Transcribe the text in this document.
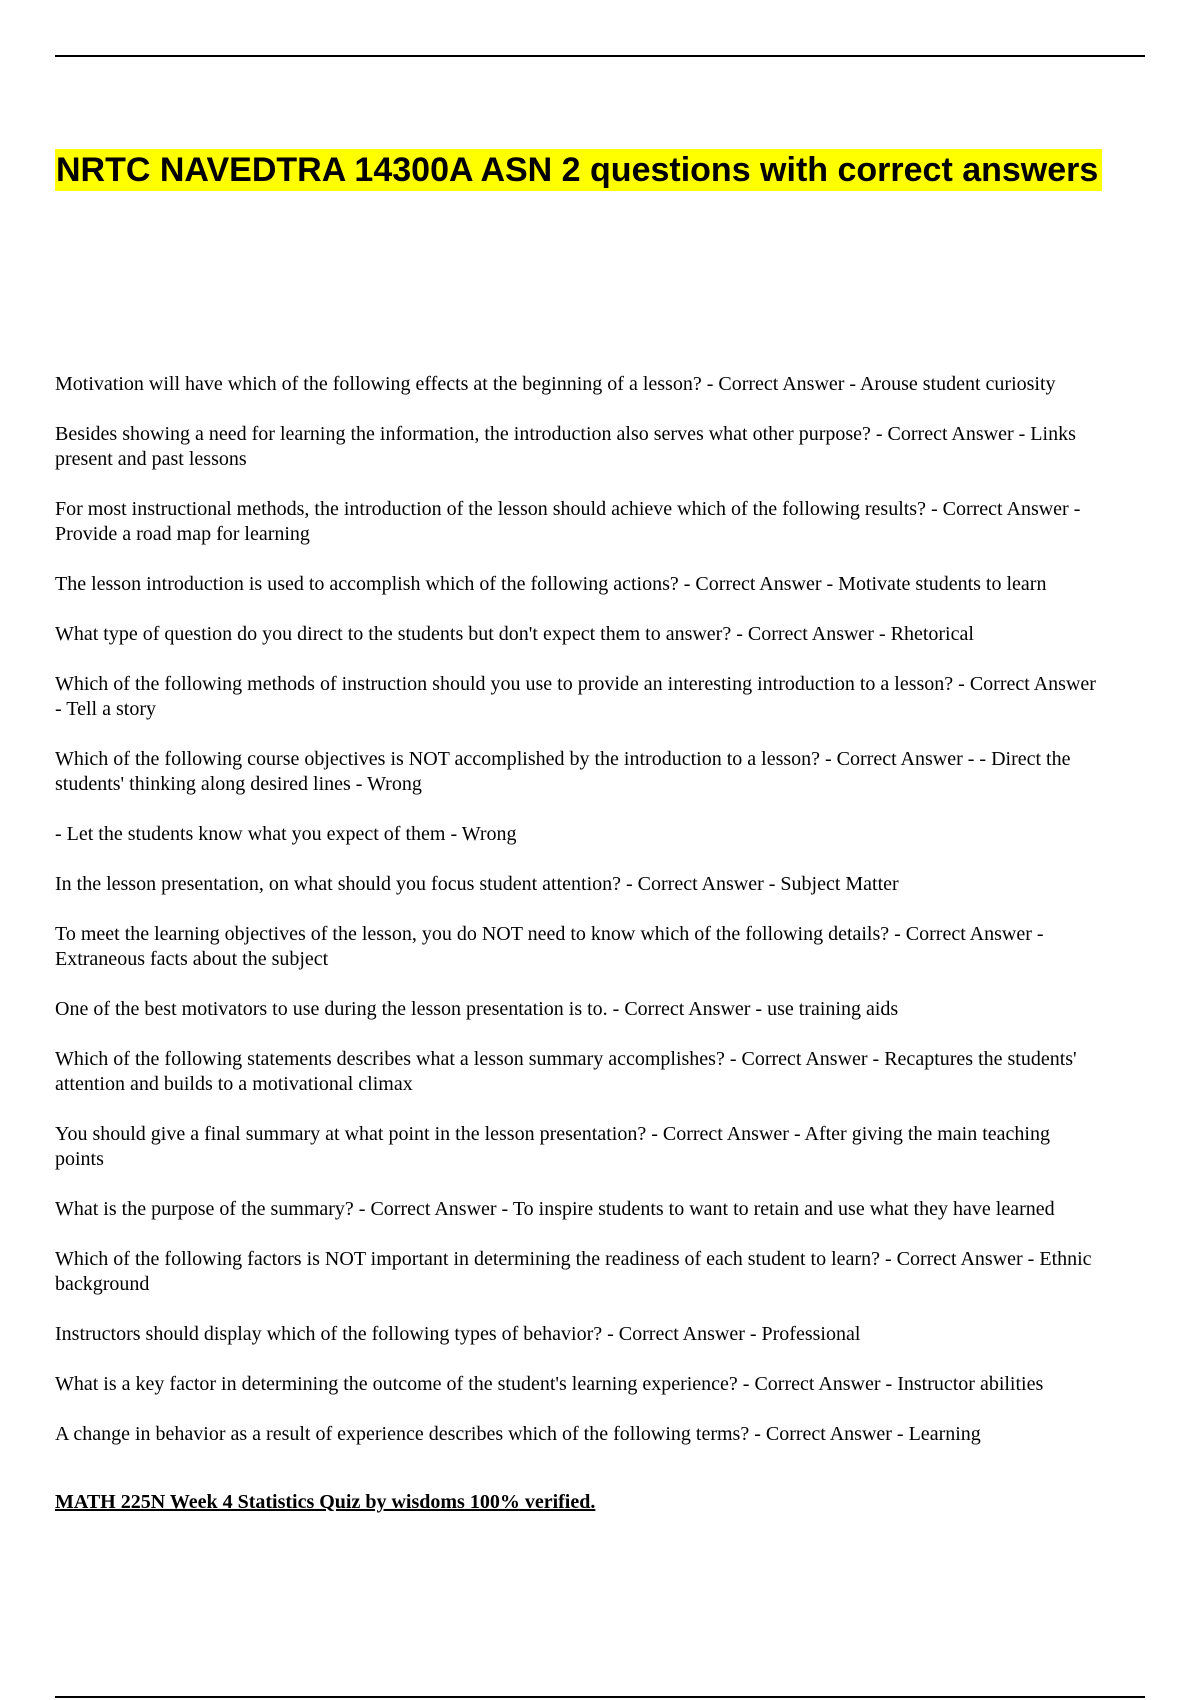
NRTC NAVEDTRA 14300A ASN 2 questions with correct answers
Motivation will have which of the following effects at the beginning of a lesson? - Correct Answer - Arouse student curiosity
Besides showing a need for learning the information, the introduction also serves what other purpose? - Correct Answer - Links
present and past lessons
For most instructional methods, the introduction of the lesson should achieve which of the following results? - Correct Answer -
Provide a road map for learning
The lesson introduction is used to accomplish which of the following actions? - Correct Answer - Motivate students to learn
What type of question do you direct to the students but don't expect them to answer? - Correct Answer - Rhetorical
Which of the following methods of instruction should you use to provide an interesting introduction to a lesson? - Correct Answer
- Tell a story
Which of the following course objectives is NOT accomplished by the introduction to a lesson? - Correct Answer - - Direct the
students' thinking along desired lines - Wrong
- Let the students know what you expect of them - Wrong
In the lesson presentation, on what should you focus student attention? - Correct Answer - Subject Matter
To meet the learning objectives of the lesson, you do NOT need to know which of the following details? - Correct Answer -
Extraneous facts about the subject
One of the best motivators to use during the lesson presentation is to. - Correct Answer - use training aids
Which of the following statements describes what a lesson summary accomplishes? - Correct Answer - Recaptures the students'
attention and builds to a motivational climax
You should give a final summary at what point in the lesson presentation? - Correct Answer - After giving the main teaching
points
What is the purpose of the summary? - Correct Answer - To inspire students to want to retain and use what they have learned
Which of the following factors is NOT important in determining the readiness of each student to learn? - Correct Answer - Ethnic
background
Instructors should display which of the following types of behavior? - Correct Answer - Professional
What is a key factor in determining the outcome of the student's learning experience? - Correct Answer - Instructor abilities
A change in behavior as a result of experience describes which of the following terms? - Correct Answer - Learning
MATH 225N Week 4 Statistics Quiz by wisdoms 100% verified.
